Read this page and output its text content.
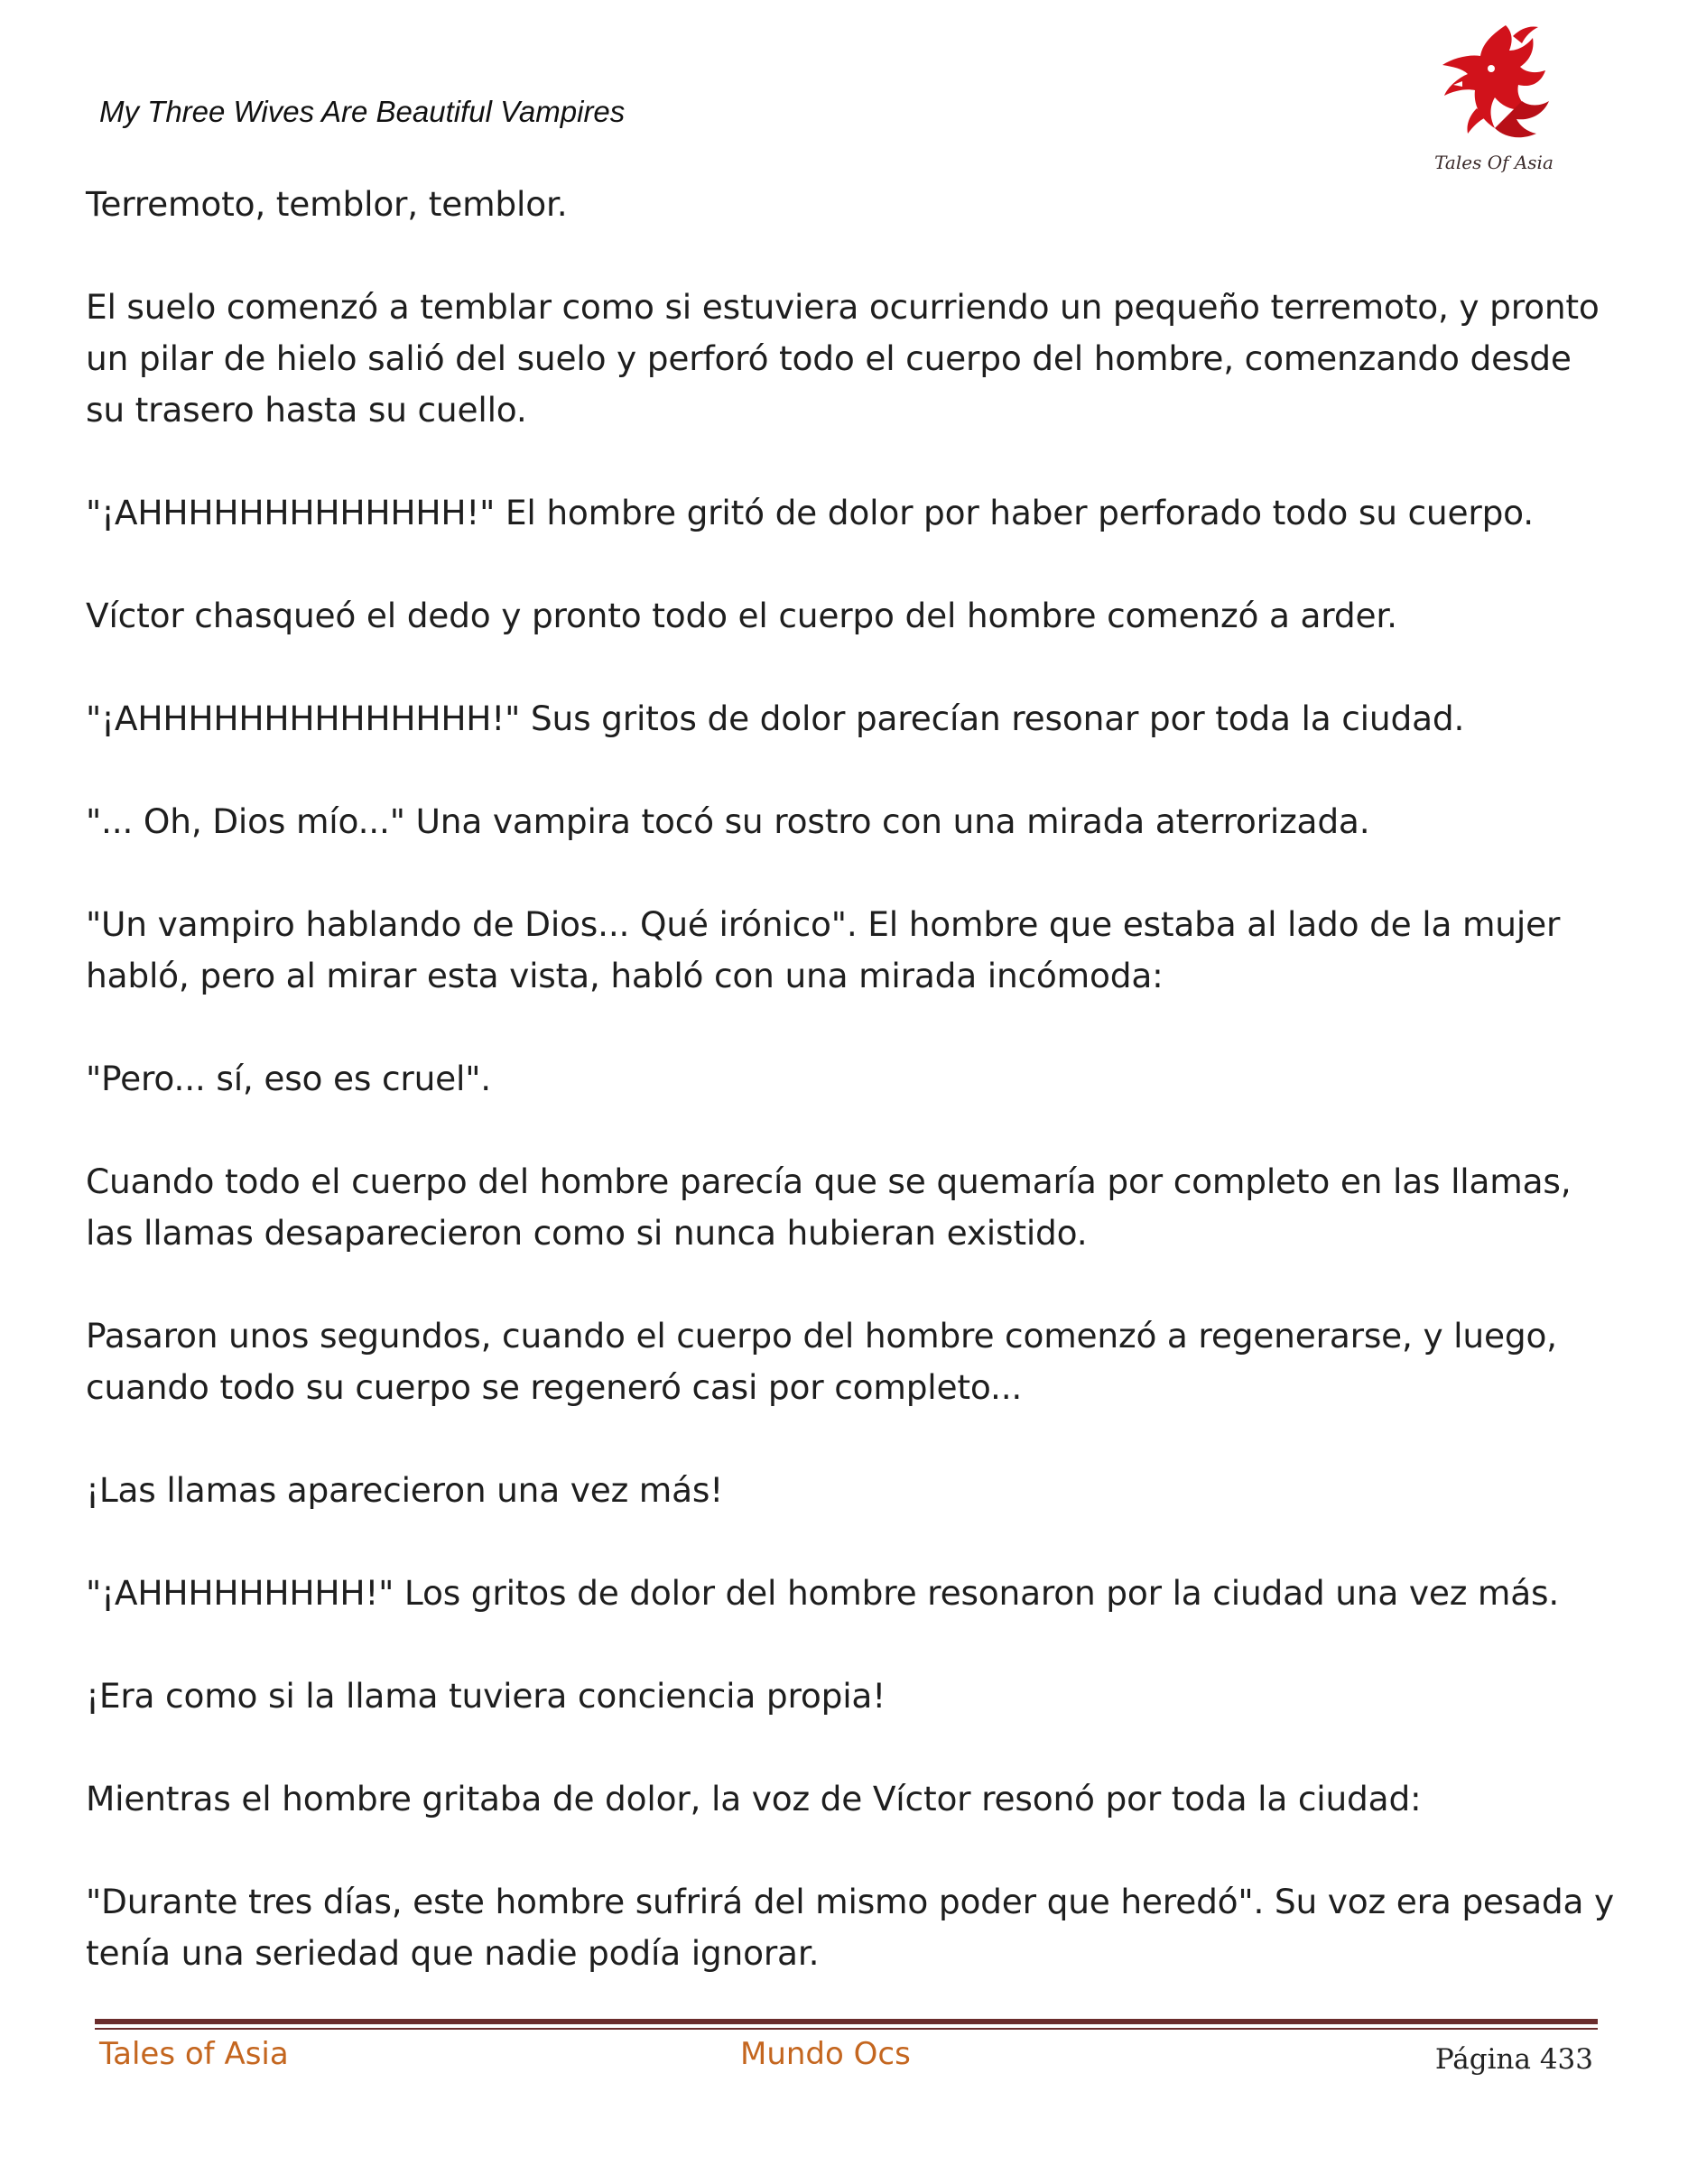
My Three Wives Are Beautiful Vampires
Tales Of Asia

Terremoto, temblor, temblor.

El suelo comenzó a temblar como si estuviera ocurriendo un pequeño terremoto, y pronto un pilar de hielo salió del suelo y perforó todo el cuerpo del hombre, comenzando desde su trasero hasta su cuello.

"¡AHHHHHHHHHHHHH!" El hombre gritó de dolor por haber perforado todo su cuerpo.

Víctor chasqueó el dedo y pronto todo el cuerpo del hombre comenzó a arder.

"¡AHHHHHHHHHHHHHH!" Sus gritos de dolor parecían resonar por toda la ciudad.

"... Oh, Dios mío..." Una vampira tocó su rostro con una mirada aterrorizada.

"Un vampiro hablando de Dios... Qué irónico". El hombre que estaba al lado de la mujer habló, pero al mirar esta vista, habló con una mirada incómoda:

"Pero... sí, eso es cruel".

Cuando todo el cuerpo del hombre parecía que se quemaría por completo en las llamas, las llamas desaparecieron como si nunca hubieran existido.

Pasaron unos segundos, cuando el cuerpo del hombre comenzó a regenerarse, y luego, cuando todo su cuerpo se regeneró casi por completo...

¡Las llamas aparecieron una vez más!

"¡AHHHHHHHHH!" Los gritos de dolor del hombre resonaron por la ciudad una vez más.

¡Era como si la llama tuviera conciencia propia!

Mientras el hombre gritaba de dolor, la voz de Víctor resonó por toda la ciudad:

"Durante tres días, este hombre sufrirá del mismo poder que heredó". Su voz era pesada y tenía una seriedad que nadie podía ignorar.

Tales of Asia	Mundo Ocs	Página 433
